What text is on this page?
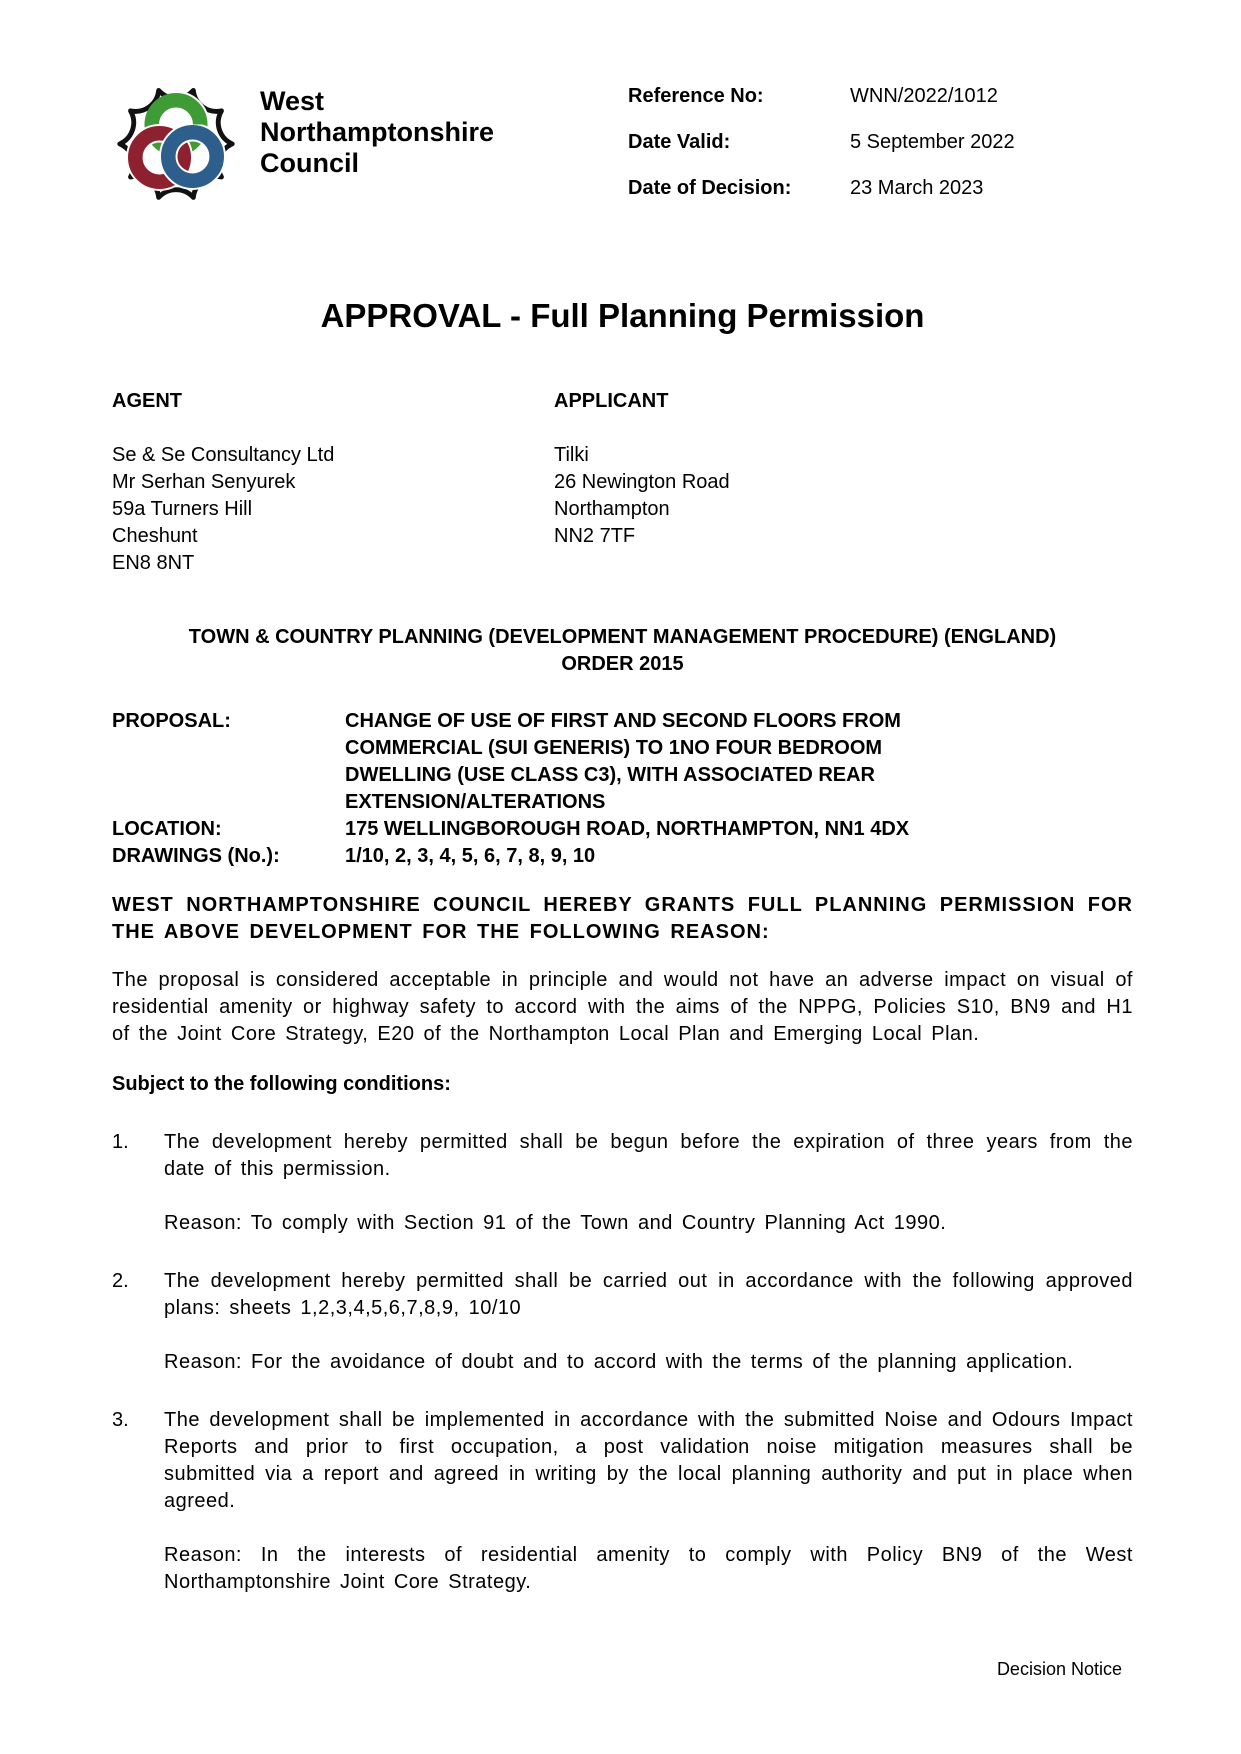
West
Northamptonshire
Council
Reference No:	WNN/2022/1012
Date Valid:	5 September 2022
Date of Decision:	23 March 2023
APPROVAL - Full Planning Permission
AGENT
Se & Se Consultancy Ltd
Mr Serhan Senyurek
59a Turners Hill
Cheshunt
EN8 8NT
APPLICANT
Tilki
26 Newington Road
Northampton
NN2 7TF
TOWN & COUNTRY PLANNING (DEVELOPMENT MANAGEMENT PROCEDURE) (ENGLAND)
ORDER 2015
PROPOSAL:	CHANGE OF USE OF FIRST AND SECOND FLOORS FROM
COMMERCIAL (SUI GENERIS) TO 1NO FOUR BEDROOM
DWELLING (USE CLASS C3), WITH ASSOCIATED REAR
EXTENSION/ALTERATIONS
LOCATION:	175 WELLINGBOROUGH ROAD, NORTHAMPTON, NN1 4DX
DRAWINGS (No.):	1/10, 2, 3, 4, 5, 6, 7, 8, 9, 10

WEST NORTHAMPTONSHIRE COUNCIL HEREBY GRANTS FULL PLANNING PERMISSION FOR THE ABOVE DEVELOPMENT FOR THE FOLLOWING REASON:

The proposal is considered acceptable in principle and would not have an adverse impact on visual of residential amenity or highway safety to accord with the aims of the NPPG, Policies S10, BN9 and H1 of the Joint Core Strategy, E20 of the Northampton Local Plan and Emerging Local Plan.

Subject to the following conditions:
1.	The development hereby permitted shall be begun before the expiration of three years from the date of this permission.

Reason: To comply with Section 91 of the Town and Country Planning Act 1990.

2.	The development hereby permitted shall be carried out in accordance with the following approved plans: sheets 1,2,3,4,5,6,7,8,9, 10/10

Reason: For the avoidance of doubt and to accord with the terms of the planning application.

3.	The development shall be implemented in accordance with the submitted Noise and Odours Impact Reports and prior to first occupation, a post validation noise mitigation measures shall be submitted via a report and agreed in writing by the local planning authority and put in place when agreed.

Reason: In the interests of residential amenity to comply with Policy BN9 of the West Northamptonshire Joint Core Strategy.

Decision Notice
